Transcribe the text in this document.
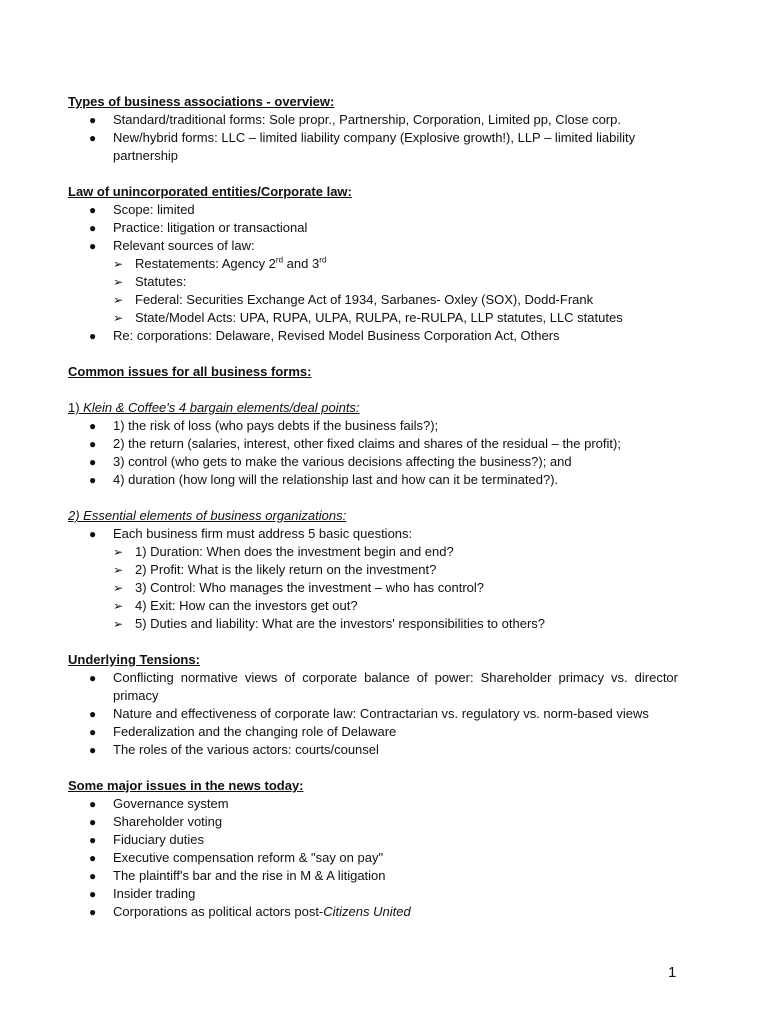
Types of business associations - overview:

● Standard/traditional forms: Sole propr., Partnership, Corporation, Limited pp, Close corp.
● New/hybrid forms: LLC – limited liability company (Explosive growth!), LLP – limited liability partnership

Law of unincorporated entities/Corporate law:

● Scope: limited
● Practice: litigation or transactional
● Relevant sources of law:
➢ Restatements: Agency 2rd and 3rd
➢ Statutes:
➢ Federal: Securities Exchange Act of 1934, Sarbanes- Oxley (SOX), Dodd-Frank
➢ State/Model Acts: UPA, RUPA, ULPA, RULPA, re-RULPA, LLP statutes, LLC statutes
● Re: corporations: Delaware, Revised Model Business Corporation Act, Others

Common issues for all business forms:

1) Klein & Coffee's 4 bargain elements/deal points:

● 1) the risk of loss (who pays debts if the business fails?);
● 2) the return (salaries, interest, other fixed claims and shares of the residual – the profit);
● 3) control (who gets to make the various decisions affecting the business?); and
● 4) duration (how long will the relationship last and how can it be terminated?).

2) Essential elements of business organizations:

● Each business firm must address 5 basic questions:
➢ 1) Duration: When does the investment begin and end?
➢ 2) Profit: What is the likely return on the investment?
➢ 3) Control: Who manages the investment – who has control?
➢ 4) Exit: How can the investors get out?
➢ 5) Duties and liability: What are the investors' responsibilities to others?

Underlying Tensions:

● Conflicting normative views of corporate balance of power: Shareholder primacy vs. director primacy
● Nature and effectiveness of corporate law: Contractarian vs. regulatory vs. norm-based views
● Federalization and the changing role of Delaware
● The roles of the various actors: courts/counsel

Some major issues in the news today:

● Governance system
● Shareholder voting
● Fiduciary duties
● Executive compensation reform & "say on pay"
● The plaintiff's bar and the rise in M & A litigation
● Insider trading
● Corporations as political actors post-Citizens United
1
